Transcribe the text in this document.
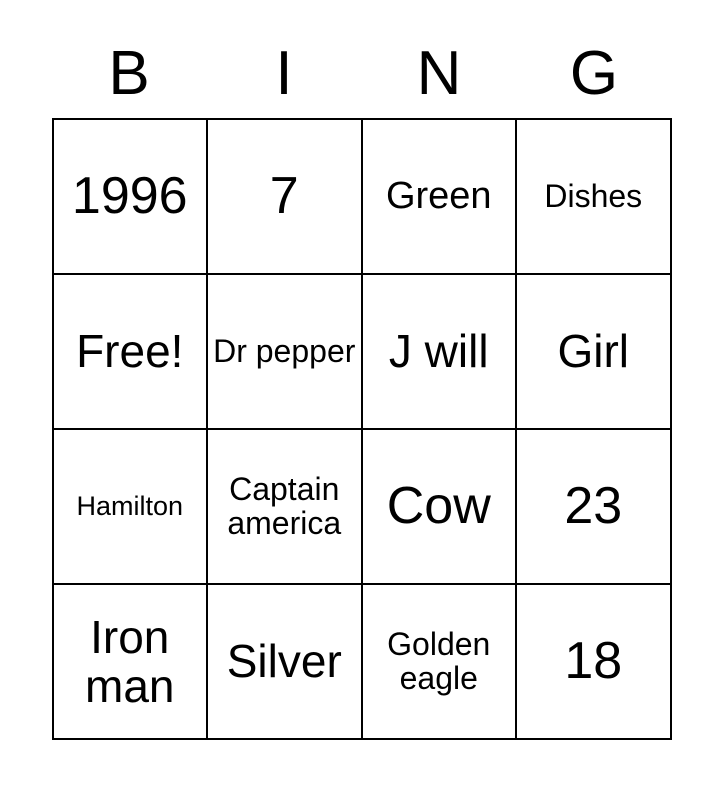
B	I	N	G
1996	7	Green	Dishes

Free!	Dr pepper	J will	Girl

Hamilton	Captain america	Cow	23

Iron man	Silver	Golden eagle	18
